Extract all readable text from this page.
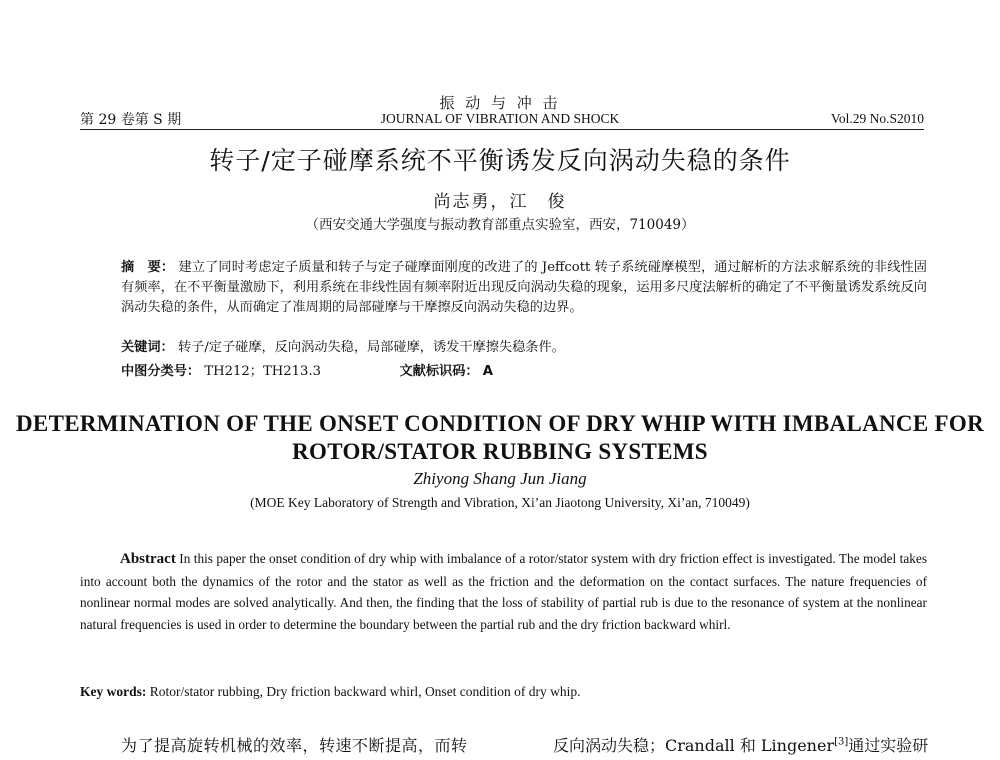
振 动 与 冲 击
第 29 卷第 S 期	JOURNAL OF VIBRATION AND SHOCK	Vol.29 No.S2010
转子/定子碰摩系统不平衡诱发反向涡动失稳的条件
尚志勇，江　俊
（西安交通大学强度与振动教育部重点实验室，西安，710049）
摘　要： 建立了同时考虑定子质量和转子与定子碰摩面刚度的改进了的 Jeffcott 转子系统碰摩模型，通过解析的方法求解系统的非线性固有频率，在不平衡量激励下，利用系统在非线性固有频率附近出现反向涡动失稳的现象，运用多尺度法解析的确定了不平衡量诱发系统反向涡动失稳的条件，从而确定了准周期的局部碰摩与干摩擦反向涡动失稳的边界。
关键词： 转子/定子碰摩，反向涡动失稳，局部碰摩，诱发干摩擦失稳条件。
中图分类号： TH212；TH213.3	文献标识码： A
DETERMINATION OF THE ONSET CONDITION OF DRY WHIP WITH IMBALANCE FOR ROTOR/STATOR RUBBING SYSTEMS
Zhiyong Shang Jun Jiang
(MOE Key Laboratory of Strength and Vibration, Xi’an Jiaotong University, Xi’an, 710049)
Abstract In this paper the onset condition of dry whip with imbalance of a rotor/stator system with dry friction effect is investigated. The model takes into account both the dynamics of the rotor and the stator as well as the friction and the deformation on the contact surfaces. The nature frequencies of nonlinear normal modes are solved analytically. And then, the finding that the loss of stability of partial rub is due to the resonance of system at the nonlinear natural frequencies is used in order to determine the boundary between the partial rub and the dry friction backward whirl.
Key words: Rotor/stator rubbing, Dry friction backward whirl, Onset condition of dry whip.
为了提高旋转机械的效率，转速不断提高，而转	反向涡动失稳；Crandall 和 Lingener[3]通过实验研
